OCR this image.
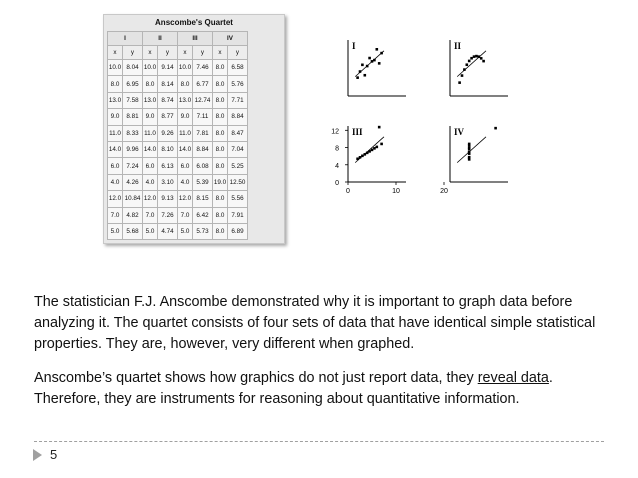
Anscombe's Quartet
I		II		III		IV	
x	y	x	y	x	y	x	y
10.0	8.04	10.0	9.14	10.0	7.46	8.0	6.58
8.0	6.95	8.0	8.14	8.0	6.77	8.0	5.76
13.0	7.58	13.0	8.74	13.0	12.74	8.0	7.71
9.0	8.81	9.0	8.77	9.0	7.11	8.0	8.84
11.0	8.33	11.0	9.26	11.0	7.81	8.0	8.47
14.0	9.96	14.0	8.10	14.0	8.84	8.0	7.04
6.0	7.24	6.0	6.13	6.0	6.08	8.0	5.25
4.0	4.26	4.0	3.10	4.0	5.39	19.0	12.50
12.0	10.84	12.0	9.13	12.0	8.15	8.0	5.56
7.0	4.82	7.0	7.26	7.0	6.42	8.0	7.91
5.0	5.68	5.0	4.74	5.0	5.73	8.0	6.89
I	II
III	IV
0
4
8
12
0	10	20

The statistician F.J. Anscombe demonstrated why it is important to graph data before analyzing it. The quartet consists of four sets of data that have identical simple statistical properties. They are, however, very different when graphed.

Anscombe’s quartet shows how graphics do not just report data, they reveal data. Therefore, they are instruments for reasoning about quantitative information.

5
